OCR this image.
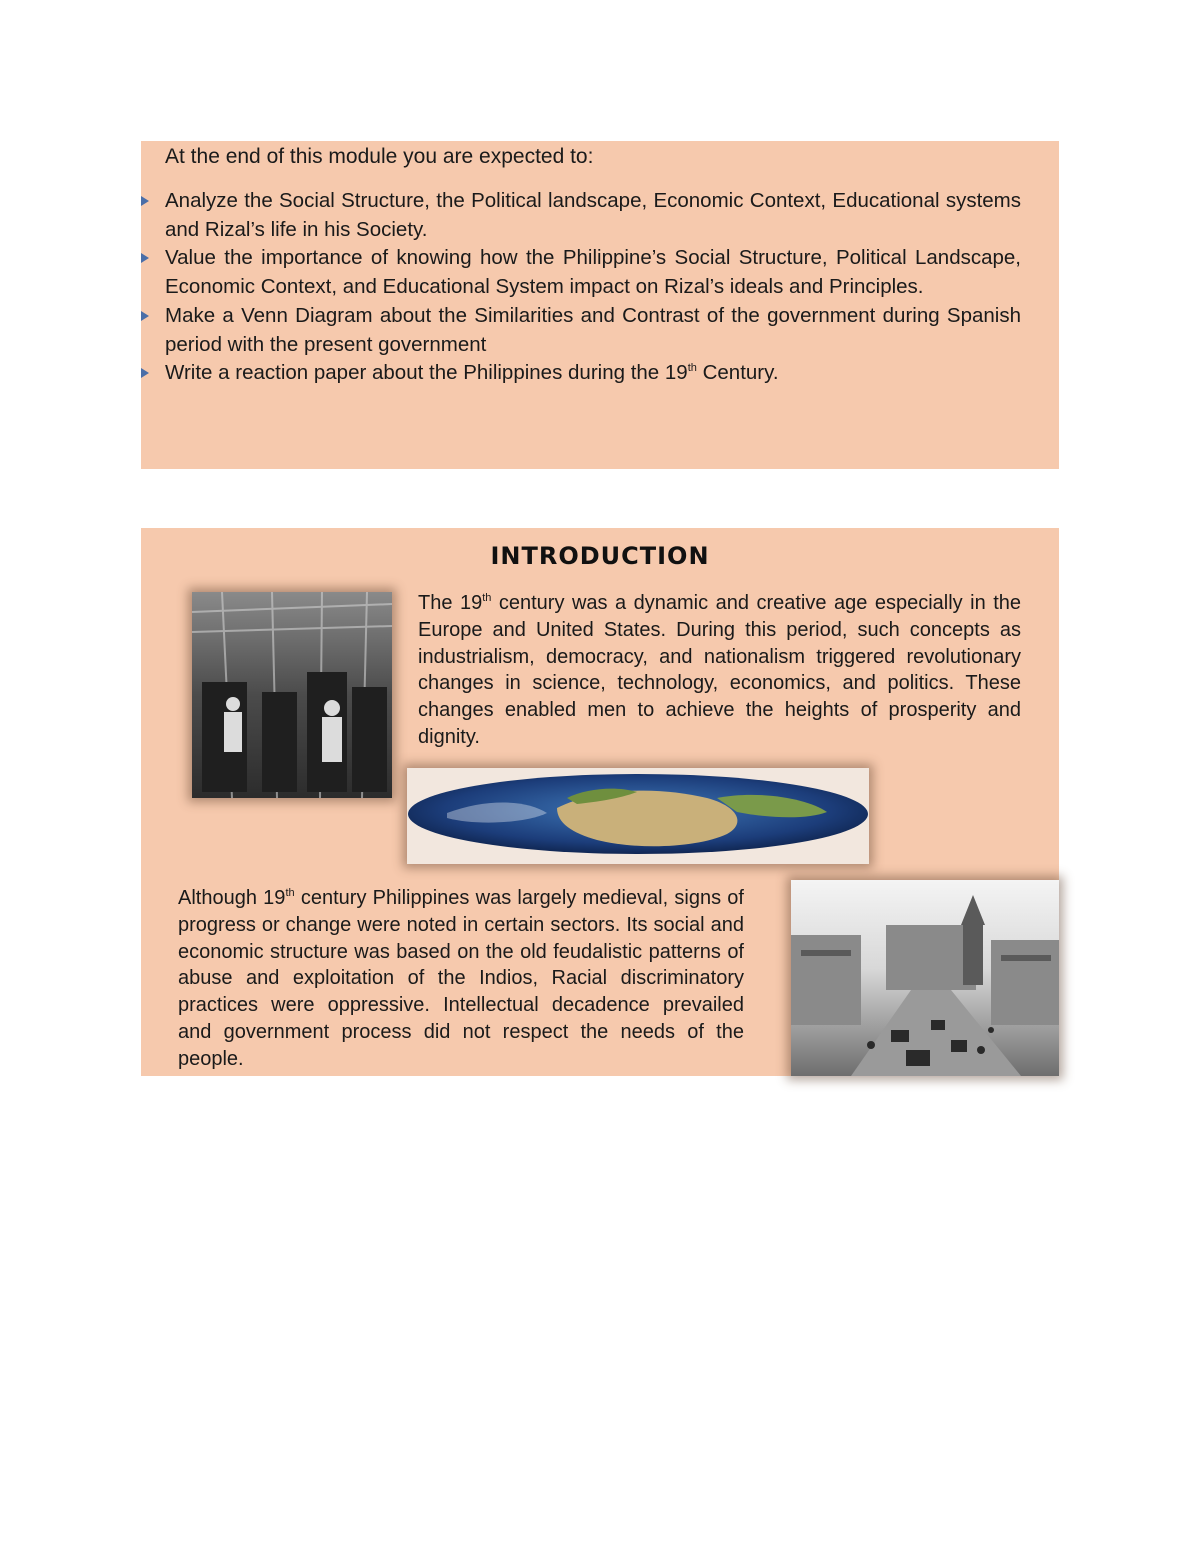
At the end of this module you are expected to:
Analyze the Social Structure, the Political landscape, Economic Context, Educational systems and Rizal’s life in his Society.
Value the importance of knowing how the Philippine’s Social Structure, Political Landscape, Economic Context, and Educational System impact on Rizal’s ideals and Principles.
Make a Venn Diagram about the Similarities and Contrast of the government during Spanish period with the present government
Write a reaction paper about the Philippines during the 19th Century.
INTRODUCTION
The 19th century was a dynamic and creative age especially in the Europe and United States. During this period, such concepts as industrialism, democracy, and nationalism triggered revolutionary changes in science, technology, economics, and politics. These changes enabled men to achieve the heights of prosperity and dignity.
Although 19th century Philippines was largely medieval, signs of progress or change were noted in certain sectors. Its social and economic structure was based on the old feudalistic patterns of abuse and exploitation of the Indios, Racial discriminatory practices were oppressive. Intellectual decadence prevailed and government process did not respect the needs of the people.
